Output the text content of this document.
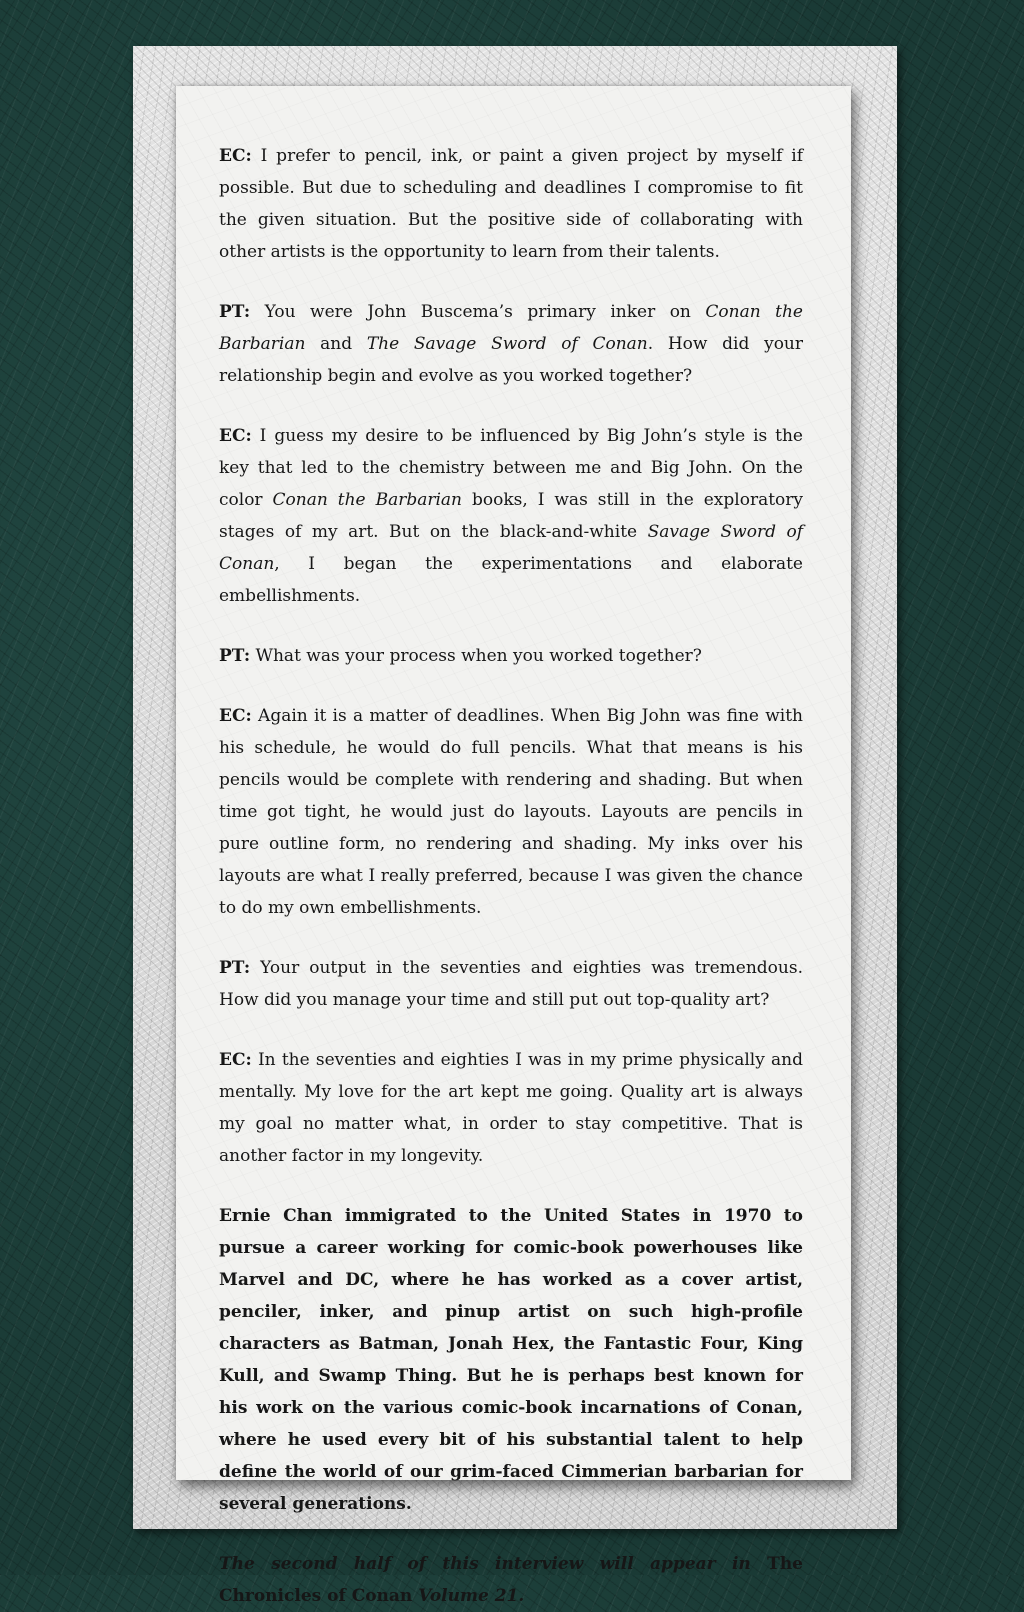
EC: I prefer to pencil, ink, or paint a given project by myself if possible. But due to scheduling and deadlines I compromise to fit the given situation. But the positive side of collaborating with other artists is the opportunity to learn from their talents.

PT: You were John Buscema’s primary inker on Conan the Barbarian and The Savage Sword of Conan. How did your relationship begin and evolve as you worked together?

EC: I guess my desire to be influenced by Big John’s style is the key that led to the chemistry between me and Big John. On the color Conan the Barbarian books, I was still in the exploratory stages of my art. But on the black-and-white Savage Sword of Conan, I began the experimentations and elaborate embellishments.

PT: What was your process when you worked together?

EC: Again it is a matter of deadlines. When Big John was fine with his schedule, he would do full pencils. What that means is his pencils would be complete with rendering and shading. But when time got tight, he would just do layouts. Layouts are pencils in pure outline form, no rendering and shading. My inks over his layouts are what I really preferred, because I was given the chance to do my own embellishments.

PT: Your output in the seventies and eighties was tremendous. How did you manage your time and still put out top-quality art?

EC: In the seventies and eighties I was in my prime physically and mentally. My love for the art kept me going. Quality art is always my goal no matter what, in order to stay competitive. That is another factor in my longevity.

Ernie Chan immigrated to the United States in 1970 to pursue a career working for comic-book powerhouses like Marvel and DC, where he has worked as a cover artist, penciler, inker, and pinup artist on such high-profile characters as Batman, Jonah Hex, the Fantastic Four, King Kull, and Swamp Thing. But he is perhaps best known for his work on the various comic-book incarnations of Conan, where he used every bit of his substantial talent to help define the world of our grim-faced Cimmerian barbarian for several generations.

The second half of this interview will appear in The Chronicles of Conan Volume 21.
